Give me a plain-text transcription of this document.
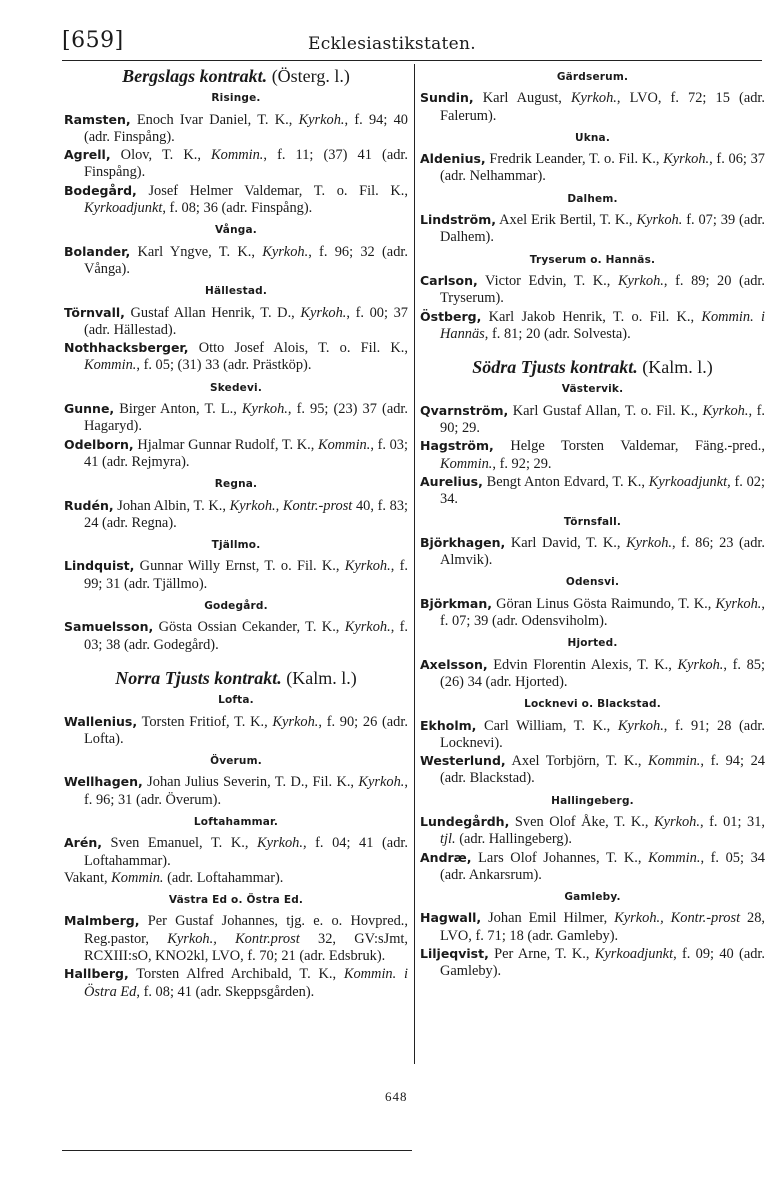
[659]	Ecklesiastikstaten.
Bergslags kontrakt. (Österg. l.)
Risinge.
Ramsten, Enoch Ivar Daniel, T. K., Kyrkoh., f. 94; 40 (adr. Finspång).
Agrell, Olov, T. K., Kommin., f. 11; (37) 41 (adr. Finspång).
Bodegård, Josef Helmer Valdemar, T. o. Fil. K., Kyrkoadjunkt, f. 08; 36 (adr. Finspång).
Vånga.
Bolander, Karl Yngve, T. K., Kyrkoh., f. 96; 32 (adr. Vånga).
Hällestad.
Törnvall, Gustaf Allan Henrik, T. D., Kyrkoh., f. 00; 37 (adr. Hällestad).
Nothhacksberger, Otto Josef Alois, T. o. Fil. K., Kommin., f. 05; (31) 33 (adr. Prästköp).
Skedevi.
Gunne, Birger Anton, T. L., Kyrkoh., f. 95; (23) 37 (adr. Hagaryd).
Odelborn, Hjalmar Gunnar Rudolf, T. K., Kommin., f. 03; 41 (adr. Rejmyra).
Regna.
Rudén, Johan Albin, T. K., Kyrkoh., Kontr.-prost 40, f. 83; 24 (adr. Regna).
Tjällmo.
Lindquist, Gunnar Willy Ernst, T. o. Fil. K., Kyrkoh., f. 99; 31 (adr. Tjällmo).
Godegård.
Samuelsson, Gösta Ossian Cekander, T. K., Kyrkoh., f. 03; 38 (adr. Godegård).
Norra Tjusts kontrakt. (Kalm. l.)
Lofta.
Wallenius, Torsten Fritiof, T. K., Kyrkoh., f. 90; 26 (adr. Lofta).
Överum.
Wellhagen, Johan Julius Severin, T. D., Fil. K., Kyrkoh., f. 96; 31 (adr. Överum).
Loftahammar.
Arén, Sven Emanuel, T. K., Kyrkoh., f. 04; 41 (adr. Loftahammar).
Vakant, Kommin. (adr. Loftahammar).
Västra Ed o. Östra Ed.
Malmberg, Per Gustaf Johannes, tjg. e. o. Hovpred., Reg.pastor, Kyrkoh., Kontr.prost 32, GV:sJmt, RCXIII:sO, KNO2kl, LVO, f. 70; 21 (adr. Edsbruk).
Hallberg, Torsten Alfred Archibald, T. K., Kommin. i Östra Ed, f. 08; 41 (adr. Skeppsgården).
Gärdserum.
Sundin, Karl August, Kyrkoh., LVO, f. 72; 15 (adr. Falerum).
Ukna.
Aldenius, Fredrik Leander, T. o. Fil. K., Kyrkoh., f. 06; 37 (adr. Nelhammar).
Dalhem.
Lindström, Axel Erik Bertil, T. K., Kyrkoh. f. 07; 39 (adr. Dalhem).
Tryserum o. Hannäs.
Carlson, Victor Edvin, T. K., Kyrkoh., f. 89; 20 (adr. Tryserum).
Östberg, Karl Jakob Henrik, T. o. Fil. K., Kommin. i Hannäs, f. 81; 20 (adr. Solvesta).
Södra Tjusts kontrakt. (Kalm. l.)
Västervik.
Qvarnström, Karl Gustaf Allan, T. o. Fil. K., Kyrkoh., f. 90; 29.
Hagström, Helge Torsten Valdemar, Fäng.-pred., Kommin., f. 92; 29.
Aurelius, Bengt Anton Edvard, T. K., Kyrkoadjunkt, f. 02; 34.
Törnsfall.
Björkhagen, Karl David, T. K., Kyrkoh., f. 86; 23 (adr. Almvik).
Odensvi.
Björkman, Göran Linus Gösta Raimundo, T. K., Kyrkoh., f. 07; 39 (adr. Odensviholm).
Hjorted.
Axelsson, Edvin Florentin Alexis, T. K., Kyrkoh., f. 85; (26) 34 (adr. Hjorted).
Locknevi o. Blackstad.
Ekholm, Carl William, T. K., Kyrkoh., f. 91; 28 (adr. Locknevi).
Westerlund, Axel Torbjörn, T. K., Kommin., f. 94; 24 (adr. Blackstad).
Hallingeberg.
Lundegårdh, Sven Olof Åke, T. K., Kyrkoh., f. 01; 31, tjl. (adr. Hallingeberg).
Andræ, Lars Olof Johannes, T. K., Kommin., f. 05; 34 (adr. Ankarsrum).
Gamleby.
Hagwall, Johan Emil Hilmer, Kyrkoh., Kontr.-prost 28, LVO, f. 71; 18 (adr. Gamleby).
Liljeqvist, Per Arne, T. K., Kyrkoadjunkt, f. 09; 40 (adr. Gamleby).
648
